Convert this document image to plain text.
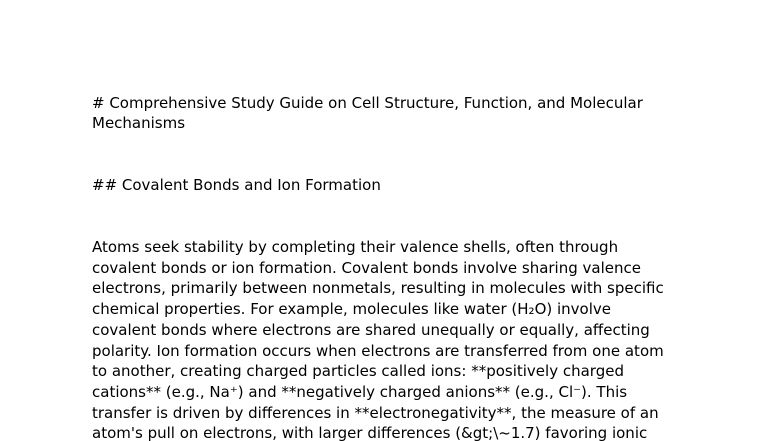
# Comprehensive Study Guide on Cell Structure, Function, and Molecular
Mechanisms
## Covalent Bonds and Ion Formation

Atoms seek stability by completing their valence shells, often through
covalent bonds or ion formation. Covalent bonds involve sharing valence
electrons, primarily between nonmetals, resulting in molecules with specific
chemical properties. For example, molecules like water (H₂O) involve
covalent bonds where electrons are shared unequally or equally, affecting
polarity. Ion formation occurs when electrons are transferred from one atom
to another, creating charged particles called ions: **positively charged
cations** (e.g., Na⁺) and **negatively charged anions** (e.g., Cl⁻). This
transfer is driven by differences in **electronegativity**, the measure of an
atom's pull on electrons, with larger differences (&gt;\~1.7) favoring ionic
